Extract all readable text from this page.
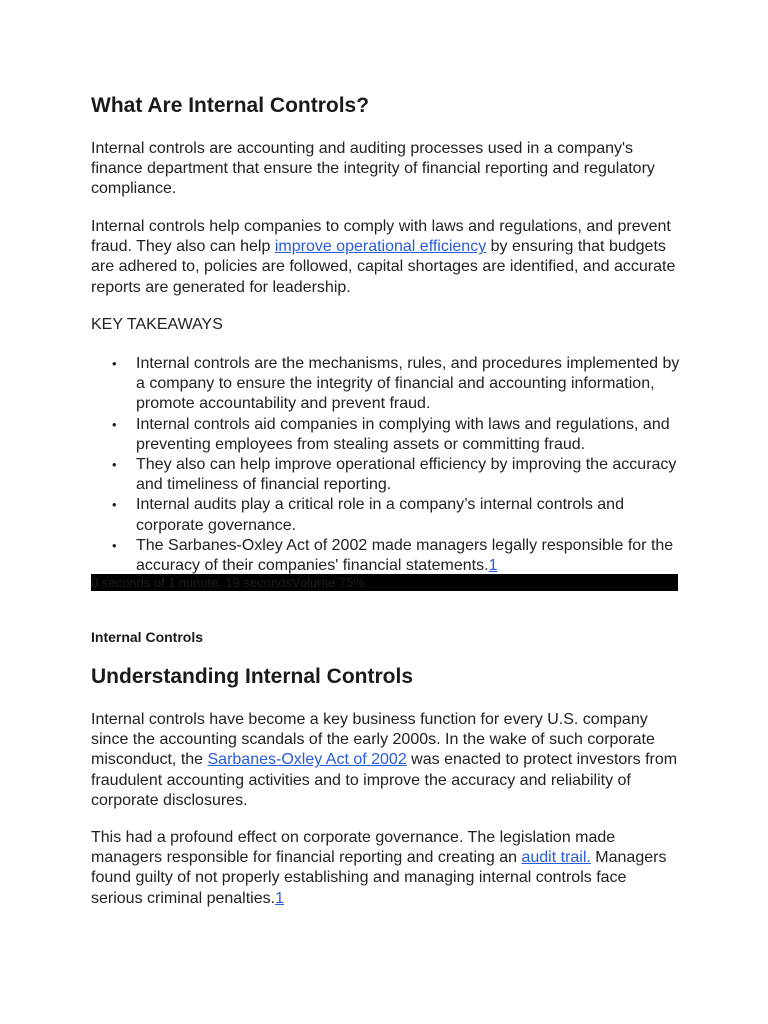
What Are Internal Controls?

Internal controls are accounting and auditing processes used in a company's finance department that ensure the integrity of financial reporting and regulatory compliance.

Internal controls help companies to comply with laws and regulations, and prevent fraud. They also can help improve operational efficiency by ensuring that budgets are adhered to, policies are followed, capital shortages are identified, and accurate reports are generated for leadership.

KEY TAKEAWAYS

• Internal controls are the mechanisms, rules, and procedures implemented by a company to ensure the integrity of financial and accounting information, promote accountability and prevent fraud.
• Internal controls aid companies in complying with laws and regulations, and preventing employees from stealing assets or committing fraud.
• They also can help improve operational efficiency by improving the accuracy and timeliness of financial reporting.
• Internal audits play a critical role in a company’s internal controls and corporate governance.
• The Sarbanes-Oxley Act of 2002 made managers legally responsible for the accuracy of their companies' financial statements.1
0 seconds of 1 minute, 19 secondsVolume 75%

Internal Controls

Understanding Internal Controls

Internal controls have become a key business function for every U.S. company since the accounting scandals of the early 2000s. In the wake of such corporate misconduct, the Sarbanes-Oxley Act of 2002 was enacted to protect investors from fraudulent accounting activities and to improve the accuracy and reliability of corporate disclosures.

This had a profound effect on corporate governance. The legislation made managers responsible for financial reporting and creating an audit trail. Managers found guilty of not properly establishing and managing internal controls face serious criminal penalties.1
